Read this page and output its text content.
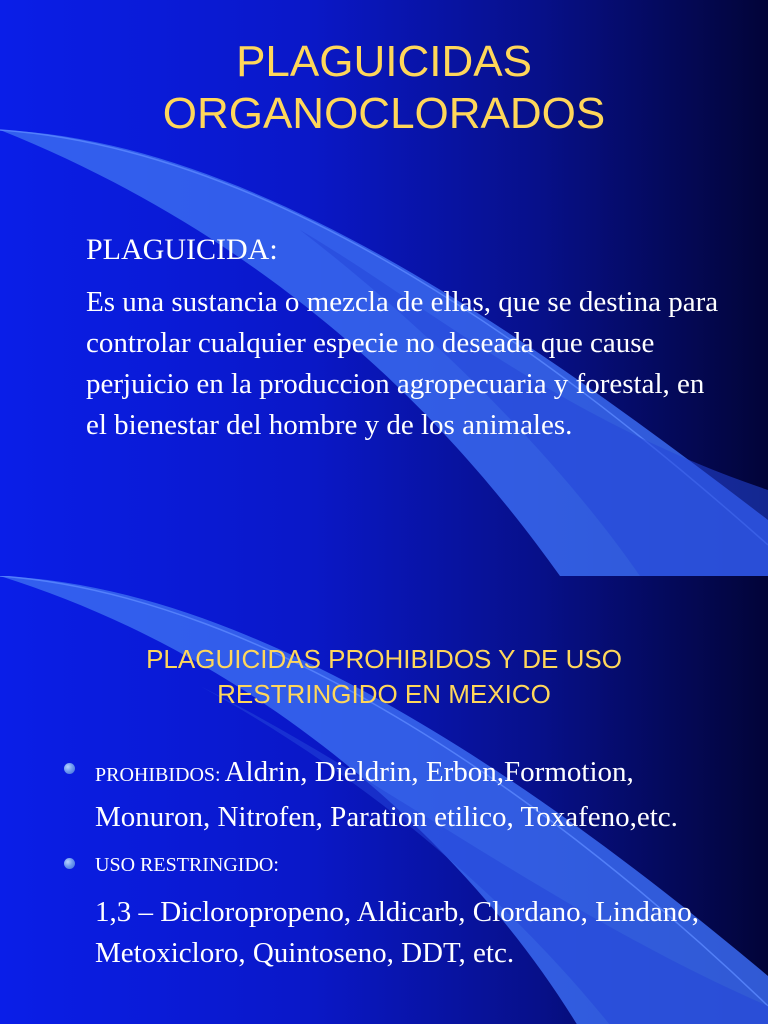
PLAGUICIDAS
ORGANOCLORADOS

PLAGUICIDA:

Es una sustancia o mezcla de ellas, que se destina para controlar cualquier especie no deseada que cause perjuicio en la produccion agropecuaria y forestal, en el bienestar del hombre y de los animales.

PLAGUICIDAS PROHIBIDOS Y DE USO
RESTRINGIDO EN MEXICO
PROHIBIDOS: Aldrin, Dieldrin, Erbon,Formotion, Monuron, Nitrofen, Paration etilico, Toxafeno,etc.
USO RESTRINGIDO:
1,3 – Dicloropropeno, Aldicarb, Clordano, Lindano, Metoxicloro, Quintoseno, DDT, etc.
